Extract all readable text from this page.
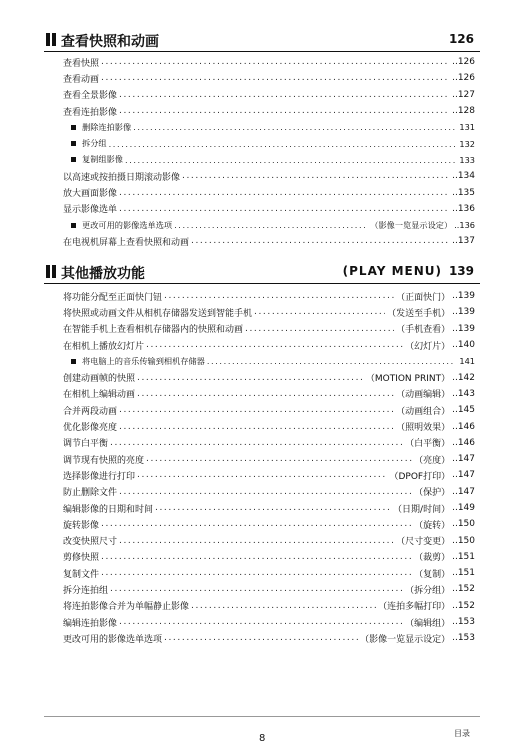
查看快照和动画	126
查看快照 .....	..126
查看动画 .....	..126
查看全景影像 .....	..127
查看连拍影像 .....	..128
删除连拍影像 .....	131
拆分组 .....	132
复制组影像 .....	133
以高速或按拍摄日期滚动影像 .....	..134
放大画面影像 .....	..135
显示影像选单 .....	..136
更改可用的影像选单选项 .....	（影像一览显示设定） ..136
在电视机屏幕上查看快照和动画 .....	..137
其他播放功能	(PLAY MENU) 139
将功能分配至正面快门钮 .....	（正面快门） ..139
将快照或动画文件从相机存储器发送到智能手机 .....	（发送至手机） ..139
在智能手机上查看相机存储器内的快照和动画 .....	（手机查看） ..139
在相机上播放幻灯片 .....	（幻灯片） ..140
将电脑上的音乐传输到相机存储器 .....	141
创建动画帧的快照 .....	（MOTION PRINT） ..142
在相机上编辑动画 .....	（动画编辑） ..143
合并两段动画 .....	（动画组合） ..145
优化影像亮度 .....	（照明效果） ..146
调节白平衡 .....	（白平衡） ..146
调节现有快照的亮度 .....	（亮度） ..147
选择影像进行打印 .....	（DPOF打印） ..147
防止删除文件 .....	（保护） ..147
编辑影像的日期和时间 .....	（日期/时间） ..149
旋转影像 .....	（旋转） ..150
改变快照尺寸 .....	（尺寸变更） ..150
剪修快照 .....	（裁剪） ..151
复制文件 .....	（复制） ..151
拆分连拍组 .....	（拆分组） ..152
将连拍影像合并为单幅静止影像 .....	（连拍多幅打印） ..152
编辑连拍影像 .....	（编辑组） ..153
更改可用的影像选单选项 .....	（影像一览显示设定） ..153
8	目录
